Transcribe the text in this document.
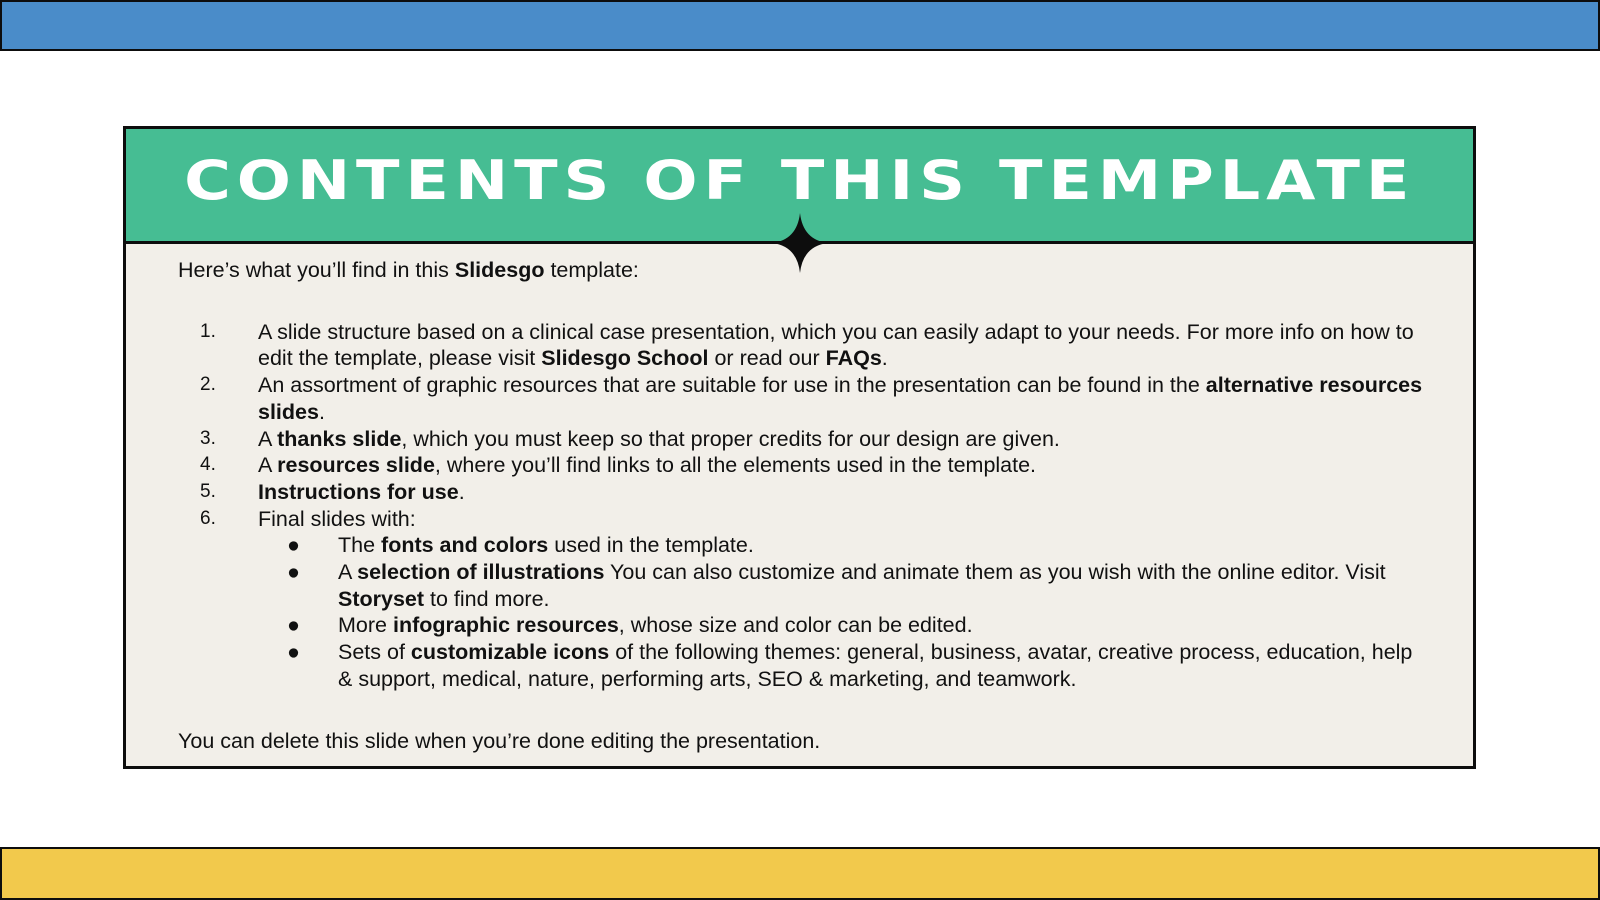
CONTENTS OF THIS TEMPLATE

Here’s what you’ll find in this Slidesgo template:

1. A slide structure based on a clinical case presentation, which you can easily adapt to your needs. For more info on how to edit the template, please visit Slidesgo School or read our FAQs.
2. An assortment of graphic resources that are suitable for use in the presentation can be found in the alternative resources slides.
3. A thanks slide, which you must keep so that proper credits for our design are given.
4. A resources slide, where you’ll find links to all the elements used in the template.
5. Instructions for use.
6. Final slides with:
● The fonts and colors used in the template.
● A selection of illustrations You can also customize and animate them as you wish with the online editor. Visit Storyset to find more.
● More infographic resources, whose size and color can be edited.
● Sets of customizable icons of the following themes: general, business, avatar, creative process, education, help & support, medical, nature, performing arts, SEO & marketing, and teamwork.

You can delete this slide when you’re done editing the presentation.
